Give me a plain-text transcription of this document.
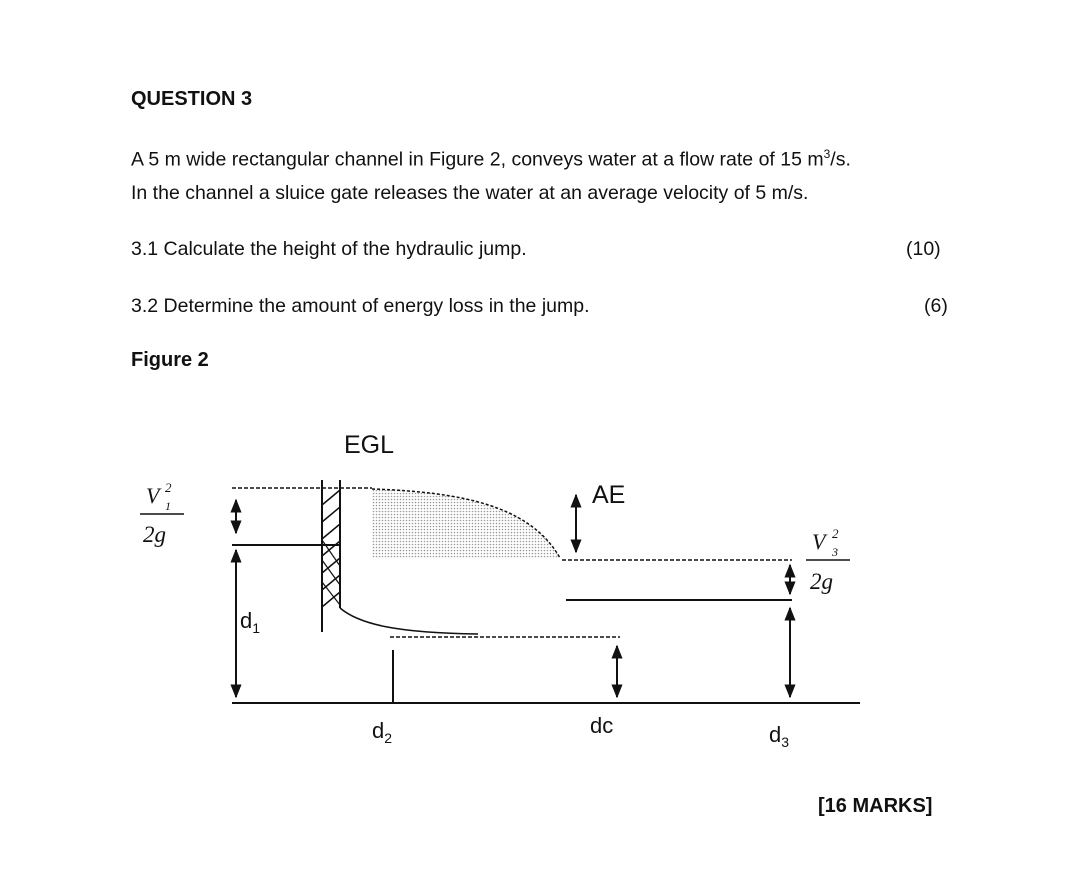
QUESTION 3
A 5 m wide rectangular channel in Figure 2, conveys water at a flow rate of 15 $m^3/s$.
In the channel a sluice gate releases the water at an average velocity of 5 m/s.
3.1 Calculate the height of the hydraulic jump.	(10)
3.2 Determine the amount of energy loss in the jump.	(6)
Figure 2
[16 MARKS]
EGL
AE
$d_1$
$d_2$	dc	$d_3$
V 2
1
2g	V 2
3
2g
